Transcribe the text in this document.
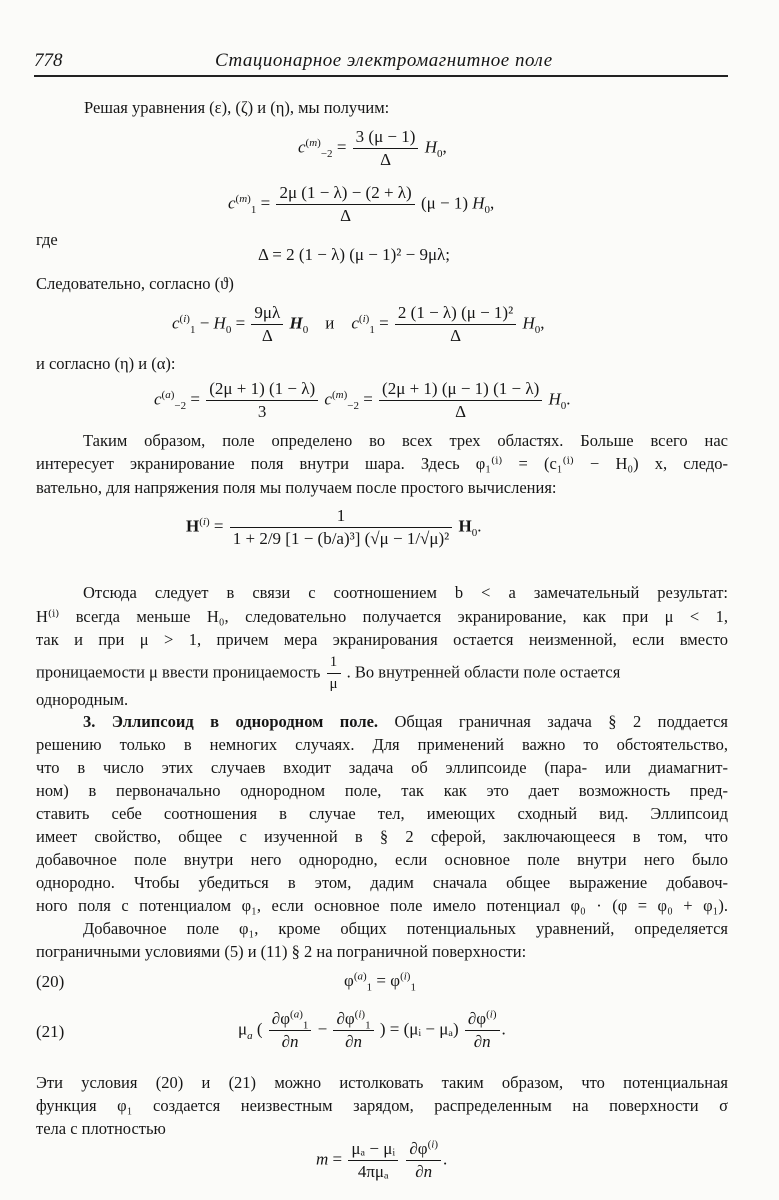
778	Стационарное электромагнитное поле
Решая уравнения (ε), (ζ) и (η), мы получим:
$c^{(m)}_{-2} = \frac{3 (\mu - 1)}{\Delta} H_0$,
$c^{(m)}_1 = \frac{2\mu (1 - \lambda) - (2 + \lambda)}{\Delta} (\mu - 1)$ $H_0$,
где
Δ = 2 (1 − λ) (μ − 1)² − 9μλ;
Следовательно, согласно (ϑ)
$c^{(i)}_1 - H_0 = \frac{9\mu\lambda}{\Delta} H_0$ и $c^{(i)}_1 = \frac{\text{2 (1 − λ) (μ − 1)²}}{\Delta} H_0$,
и согласно (η) и (α):
$c^{(a)}_{-2} = \frac{(2\mu + 1) (1 - \lambda)}{3} c^{(m)}_{-2} = \frac{(2\mu + 1) (\mu - 1) (1 - \lambda)}{\Delta} H_0$.
Таким образом, поле определено во всех трех областях. Больше всего нас
интересует экранирование поля внутри шара. Здесь φ₁⁽ⁱ⁾ = (c₁⁽ⁱ⁾ − H₀) x, следо-
вательно, для напряжения поля мы получаем после простого вычисления:
$H^{(i)} = \frac{1}{\text{1 + 2/9 [1 − (b/a)³] (√μ − 1/√μ)²}} H_0$.
Отсюда следует в связи с соотношением b < a замечательный результат:
H⁽ⁱ⁾ всегда меньше H₀, следовательно получается экранирование, как при μ < 1,
так и при μ > 1, причем мера экранирования остается неизменной, если вместо
проницаемости μ ввести проницаемость $\frac{1}{\mu}$ . Во внутренней области поле остается
однородным.
3. Эллипсоид в однородном поле. Общая граничная задача § 2 поддается
решению только в немногих случаях. Для применений важно то обстоятельство,
что в число этих случаев входит задача об эллипсоиде (пара- или диамагнит-
ном) в первоначально однородном поле, так как это дает возможность пред-
ставить себе соотношения в случае тел, имеющих сходный вид. Эллипсоид
имеет свойство, общее с изученной в § 2 сферой, заключающееся в том, что
добавочное поле внутри него однородно, если основное поле внутри него было
однородно. Чтобы убедиться в этом, дадим сначала общее выражение добавоч-
ного поля с потенциалом φ₁, если основное поле имело потенциал φ₀ · (φ = φ₀ + φ₁).
Добавочное поле φ₁, кроме общих потенциальных уравнений, определяется
пограничными условиями (5) и (11) § 2 на пограничной поверхности:
(20)	$\varphi^{(a)}_1 = \varphi^{(i)}_1$
(21)	$\mu_a$ ( $\frac{\partial\varphi^{(a)}_1}{\partial n} - \frac{\partial\varphi^{(i)}_1}{\partial n}$ ) = (μᵢ − $\mu_a) \frac{\partial\varphi^{(i)}}{\partial n}$ .
Эти условия (20) и (21) можно истолковать таким образом, что потенциальная
функция φ₁ создается неизвестным зарядом, распределенным на поверхности σ
тела с плотностью
$m = \frac{\text{μₐ − μᵢ}}{\text{4πμₐ}}$
$\frac{\partial\varphi^{(i)}}{\partial n}$ .
